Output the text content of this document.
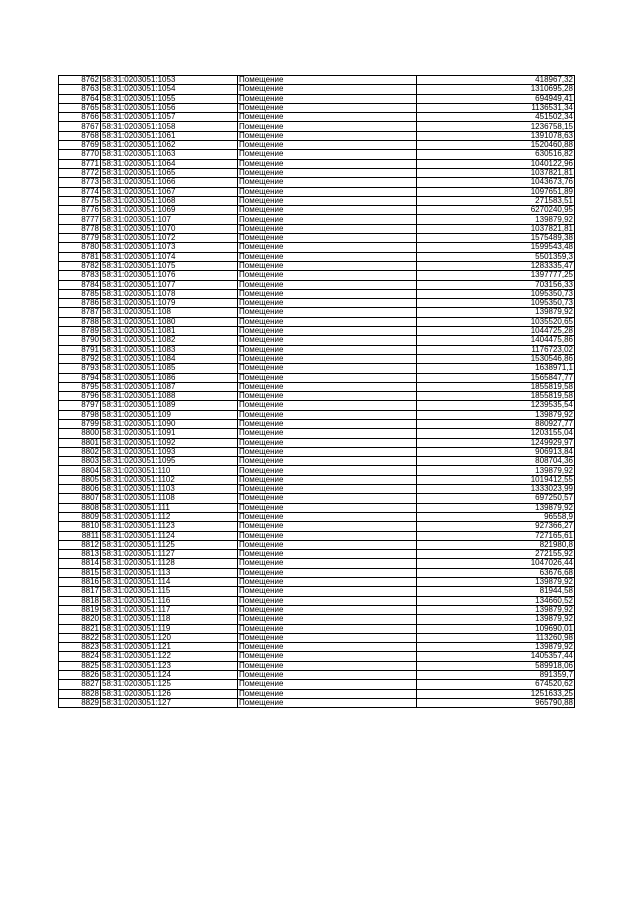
8762	58:31:0203051:1053	Помещение	418967,32
8763	58:31:0203051:1054	Помещение	1310695,28
8764	58:31:0203051:1055	Помещение	694949,41
8765	58:31:0203051:1056	Помещение	1136531,34
8766	58:31:0203051:1057	Помещение	451502,34
8767	58:31:0203051:1058	Помещение	1236758,15
8768	58:31:0203051:1061	Помещение	1391078,63
8769	58:31:0203051:1062	Помещение	1520460,88
8770	58:31:0203051:1063	Помещение	630516,82
8771	58:31:0203051:1064	Помещение	1040122,96
8772	58:31:0203051:1065	Помещение	1037821,81
8773	58:31:0203051:1066	Помещение	1043673,76
8774	58:31:0203051:1067	Помещение	1097651,89
8775	58:31:0203051:1068	Помещение	271583,51
8776	58:31:0203051:1069	Помещение	6270240,95
8777	58:31:0203051:107	Помещение	139879,92
8778	58:31:0203051:1070	Помещение	1037821,81
8779	58:31:0203051:1072	Помещение	1575489,38
8780	58:31:0203051:1073	Помещение	1599543,48
8781	58:31:0203051:1074	Помещение	5501359,3
8782	58:31:0203051:1075	Помещение	1283335,47
8783	58:31:0203051:1076	Помещение	1397777,25
8784	58:31:0203051:1077	Помещение	703156,33
8785	58:31:0203051:1078	Помещение	1095350,73
8786	58:31:0203051:1079	Помещение	1095350,73
8787	58:31:0203051:108	Помещение	139879,92
8788	58:31:0203051:1080	Помещение	1035520,65
8789	58:31:0203051:1081	Помещение	1044725,28
8790	58:31:0203051:1082	Помещение	1404475,86
8791	58:31:0203051:1083	Помещение	1176723,02
8792	58:31:0203051:1084	Помещение	1530546,86
8793	58:31:0203051:1085	Помещение	1638971,1
8794	58:31:0203051:1086	Помещение	1565847,77
8795	58:31:0203051:1087	Помещение	1855819,58
8796	58:31:0203051:1088	Помещение	1855819,58
8797	58:31:0203051:1089	Помещение	1239535,54
8798	58:31:0203051:109	Помещение	139879,92
8799	58:31:0203051:1090	Помещение	880927,77
8800	58:31:0203051:1091	Помещение	1203155,04
8801	58:31:0203051:1092	Помещение	1249929,97
8802	58:31:0203051:1093	Помещение	906913,84
8803	58:31:0203051:1095	Помещение	808704,36
8804	58:31:0203051:110	Помещение	139879,92
8805	58:31:0203051:1102	Помещение	1019412,55
8806	58:31:0203051:1103	Помещение	1333023,99
8807	58:31:0203051:1108	Помещение	697250,57
8808	58:31:0203051:111	Помещение	139879,92
8809	58:31:0203051:112	Помещение	96558,9
8810	58:31:0203051:1123	Помещение	927366,27
8811	58:31:0203051:1124	Помещение	727165,61
8812	58:31:0203051:1125	Помещение	821980,8
8813	58:31:0203051:1127	Помещение	272155,92
8814	58:31:0203051:1128	Помещение	1047026,44
8815	58:31:0203051:113	Помещение	63676,68
8816	58:31:0203051:114	Помещение	139879,92
8817	58:31:0203051:115	Помещение	81944,58
8818	58:31:0203051:116	Помещение	134660,52
8819	58:31:0203051:117	Помещение	139879,92
8820	58:31:0203051:118	Помещение	139879,92
8821	58:31:0203051:119	Помещение	109690,01
8822	58:31:0203051:120	Помещение	113260,98
8823	58:31:0203051:121	Помещение	139879,92
8824	58:31:0203051:122	Помещение	1405357,44
8825	58:31:0203051:123	Помещение	589918,06
8826	58:31:0203051:124	Помещение	891359,7
8827	58:31:0203051:125	Помещение	674520,62
8828	58:31:0203051:126	Помещение	1251633,25
8829	58:31:0203051:127	Помещение	965790,88
